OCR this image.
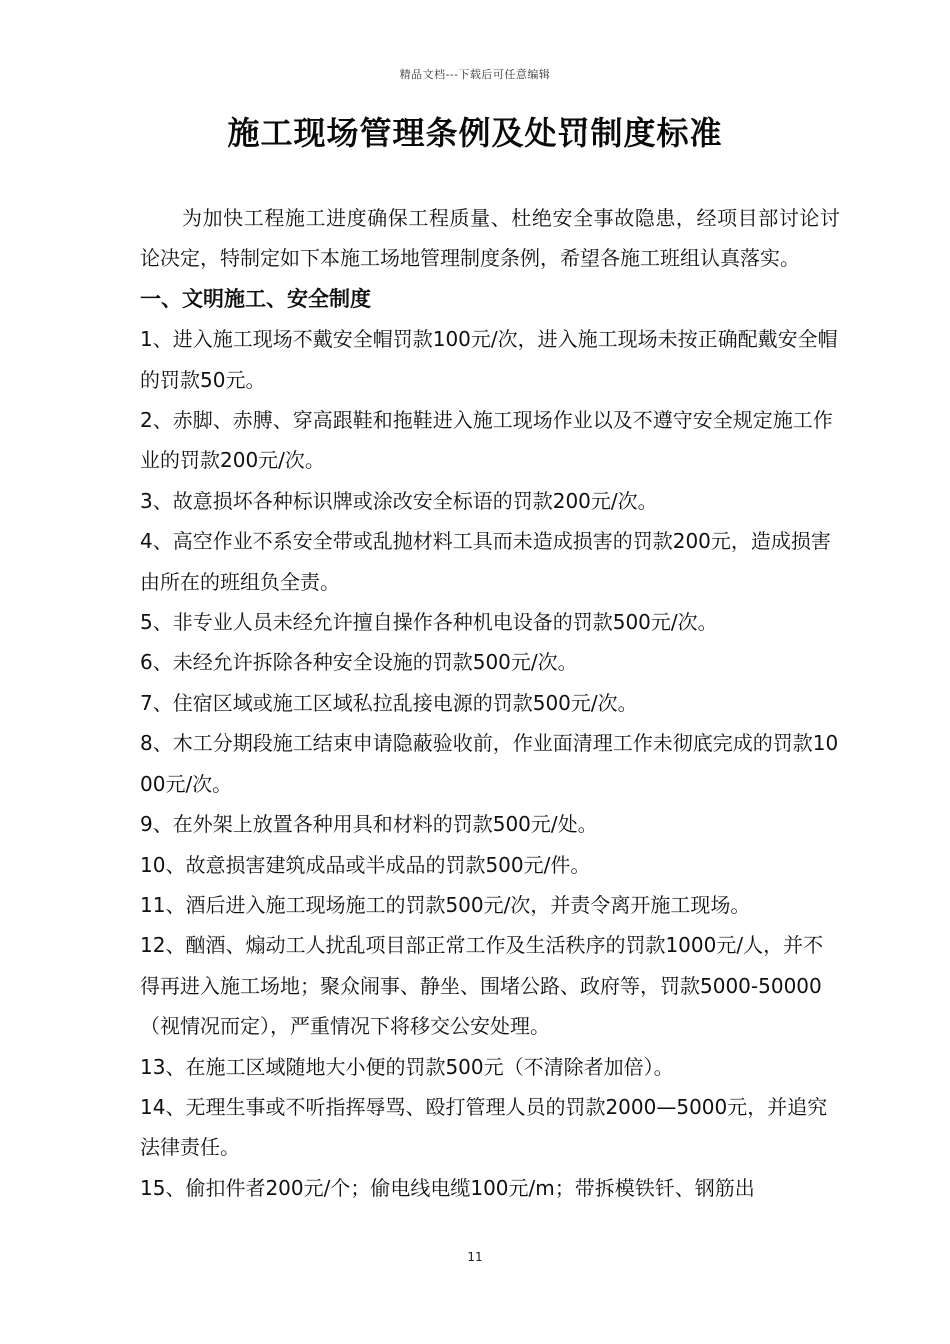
精品文档---下载后可任意编辑
施工现场管理条例及处罚制度标准

为加快工程施工进度确保工程质量、杜绝安全事故隐患，经项目部讨论讨论决定，特制定如下本施工场地管理制度条例，希望各施工班组认真落实。

一、文明施工、安全制度

1、进入施工现场不戴安全帽罚款100元/次，进入施工现场未按正确配戴安全帽的罚款50元。
2、赤脚、赤膊、穿高跟鞋和拖鞋进入施工现场作业以及不遵守安全规定施工作业的罚款200元/次。
3、故意损坏各种标识牌或涂改安全标语的罚款200元/次。
4、高空作业不系安全带或乱抛材料工具而未造成损害的罚款200元，造成损害由所在的班组负全责。
5、非专业人员未经允许擅自操作各种机电设备的罚款500元/次。
6、未经允许拆除各种安全设施的罚款500元/次。
7、住宿区域或施工区域私拉乱接电源的罚款500元/次。
8、木工分期段施工结束申请隐蔽验收前，作业面清理工作未彻底完成的罚款1000元/次。
9、在外架上放置各种用具和材料的罚款500元/处。
10、故意损害建筑成品或半成品的罚款500元/件。
11、酒后进入施工现场施工的罚款500元/次，并责令离开施工现场。
12、酗酒、煽动工人扰乱项目部正常工作及生活秩序的罚款1000元/人，并不得再进入施工场地；聚众闹事、静坐、围堵公路、政府等，罚款5000-50000（视情况而定），严重情况下将移交公安处理。
13、在施工区域随地大小便的罚款500元（不清除者加倍）。
14、无理生事或不听指挥辱骂、殴打管理人员的罚款2000—5000元，并追究法律责任。
15、偷扣件者200元/个；偷电线电缆100元/m；带拆模铁钎、钢筋出
11
